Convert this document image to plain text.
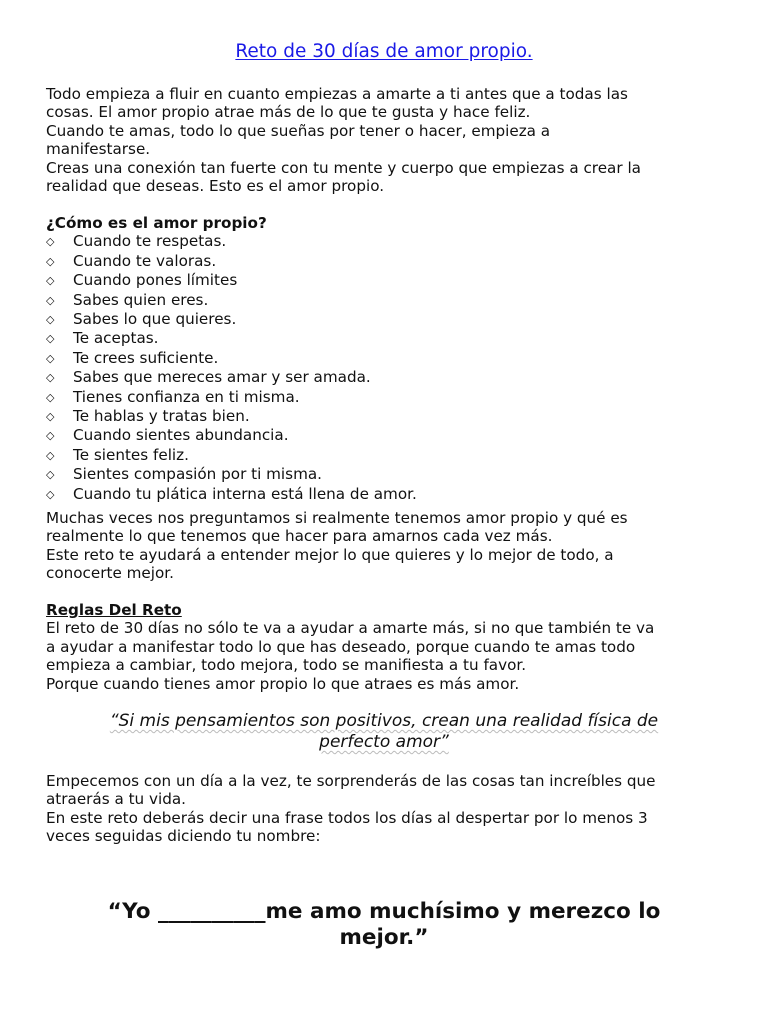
Reto de 30 días de amor propio.
Todo empieza a fluir en cuanto empiezas a amarte a ti antes que a todas las
cosas. El amor propio atrae más de lo que te gusta y hace feliz.
Cuando te amas, todo lo que sueñas por tener o hacer, empieza a
manifestarse.
Creas una conexión tan fuerte con tu mente y cuerpo que empiezas a crear la
realidad que deseas. Esto es el amor propio.
¿Cómo es el amor propio?
◇ Cuando te respetas.
◇ Cuando te valoras.
◇ Cuando pones límites
◇ Sabes quien eres.
◇ Sabes lo que quieres.
◇ Te aceptas.
◇ Te crees suficiente.
◇ Sabes que mereces amar y ser amada.
◇ Tienes confianza en ti misma.
◇ Te hablas y tratas bien.
◇ Cuando sientes abundancia.
◇ Te sientes feliz.
◇ Sientes compasión por ti misma.
◇ Cuando tu plática interna está llena de amor.
Muchas veces nos preguntamos si realmente tenemos amor propio y qué es
realmente lo que tenemos que hacer para amarnos cada vez más.
Este reto te ayudará a entender mejor lo que quieres y lo mejor de todo, a
conocerte mejor.
Reglas Del Reto
El reto de 30 días no sólo te va a ayudar a amarte más, si no que también te va
a ayudar a manifestar todo lo que has deseado, porque cuando te amas todo
empieza a cambiar, todo mejora, todo se manifiesta a tu favor.
Porque cuando tienes amor propio lo que atraes es más amor.
“Si mis pensamientos son positivos, crean una realidad física de
perfecto amor”
Empecemos con un día a la vez, te sorprenderás de las cosas tan increíbles que
atraerás a tu vida.
En este reto deberás decir una frase todos los días al despertar por lo menos 3
veces seguidas diciendo tu nombre:
“Yo __________me amo muchísimo y merezco lo
mejor.”
